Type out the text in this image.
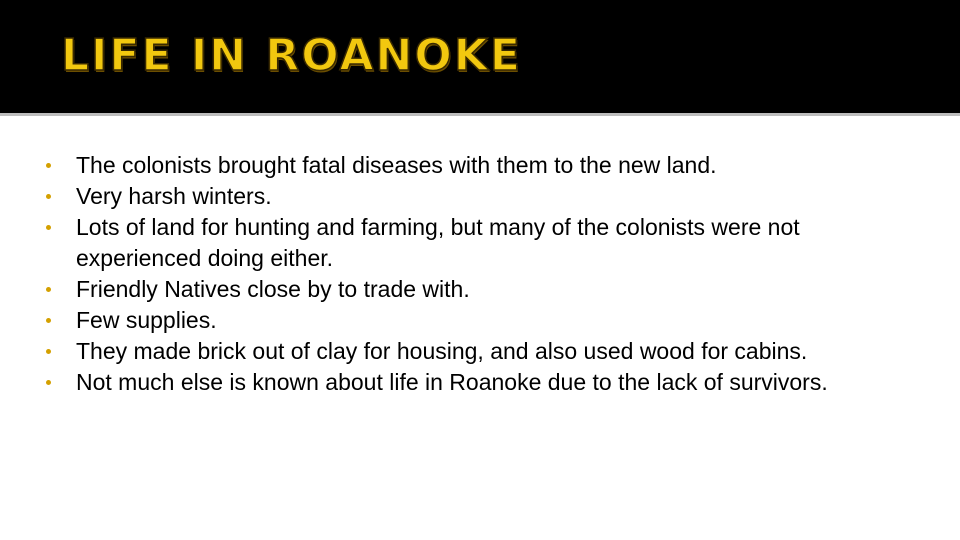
LIFE IN ROANOKE
The colonists brought fatal diseases with them to the new land.
Very harsh winters.
Lots of land for hunting and farming, but many of the colonists were not experienced doing either.
Friendly Natives close by to trade with.
Few supplies.
They made brick out of clay for housing, and also used wood for cabins.
Not much else is known about life in Roanoke due to the lack of survivors.
